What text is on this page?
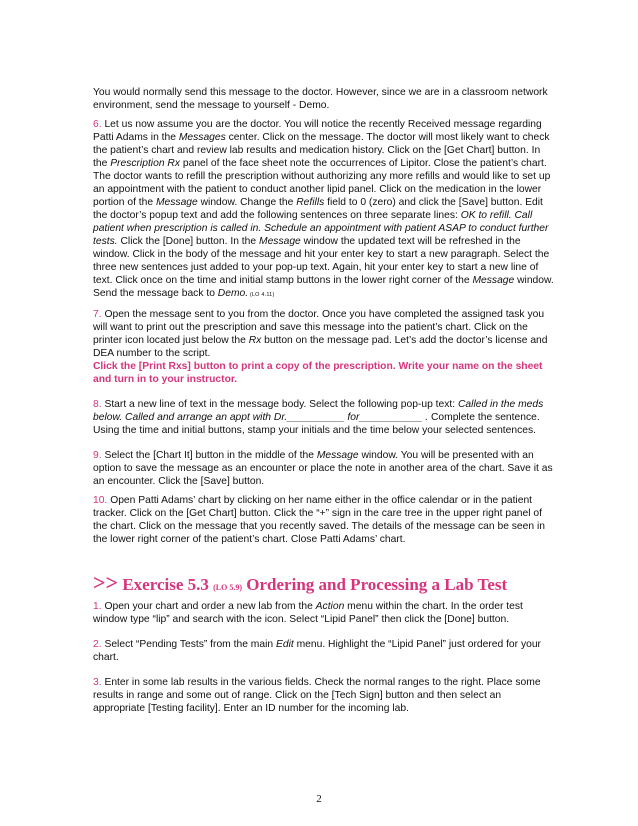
You would normally send this message to the doctor. However, since we are in a classroom network environment, send the message to yourself - Demo.

6. Let us now assume you are the doctor. You will notice the recently Received message regarding Patti Adams in the Messages center. Click on the message. The doctor will most likely want to check the patient’s chart and review lab results and medication history. Click on the [Get Chart] button. In the Prescription Rx panel of the face sheet note the occurrences of Lipitor. Close the patient’s chart. The doctor wants to refill the prescription without authorizing any more refills and would like to set up an appointment with the patient to conduct another lipid panel. Click on the medication in the lower portion of the Message window. Change the Refills field to 0 (zero) and click the [Save] button. Edit the doctor’s popup text and add the following sentences on three separate lines: OK to refill. Call patient when prescription is called in. Schedule an appointment with patient ASAP to conduct further tests. Click the [Done] button. In the Message window the updated text will be refreshed in the window. Click in the body of the message and hit your enter key to start a new paragraph. Select the three new sentences just added to your pop-up text. Again, hit your enter key to start a new line of text. Click once on the time and initial stamp buttons in the lower right corner of the Message window. Send the message back to Demo. (LO 4.11)

7. Open the message sent to you from the doctor. Once you have completed the assigned task you will want to print out the prescription and save this message into the patient’s chart. Click on the printer icon located just below the Rx button on the message pad. Let’s add the doctor’s license and DEA number to the script.
Click the [Print Rxs] button to print a copy of the prescription. Write your name on the sheet and turn in to your instructor.

8. Start a new line of text in the message body. Select the following pop-up text: Called in the meds below. Called and arrange an appt with Dr.__________ for___________ . Complete the sentence. Using the time and initial buttons, stamp your initials and the time below your selected sentences.

9. Select the [Chart It] button in the middle of the Message window. You will be presented with an option to save the message as an encounter or place the note in another area of the chart. Save it as an encounter. Click the [Save] button.

10. Open Patti Adams’ chart by clicking on her name either in the office calendar or in the patient tracker. Click on the [Get Chart] button. Click the “+” sign in the care tree in the upper right panel of the chart. Click on the message that you recently saved. The details of the message can be seen in the lower right corner of the patient’s chart. Close Patti Adams’ chart.

>> Exercise 5.3 (LO 5.9) Ordering and Processing a Lab Test

1. Open your chart and order a new lab from the Action menu within the chart. In the order test window type “lip” and search with the icon. Select “Lipid Panel” then click the [Done] button.

2. Select “Pending Tests” from the main Edit menu. Highlight the “Lipid Panel” just ordered for your chart.

3. Enter in some lab results in the various fields. Check the normal ranges to the right. Place some results in range and some out of range. Click on the [Tech Sign] button and then select an appropriate [Testing facility]. Enter an ID number for the incoming lab.

2
